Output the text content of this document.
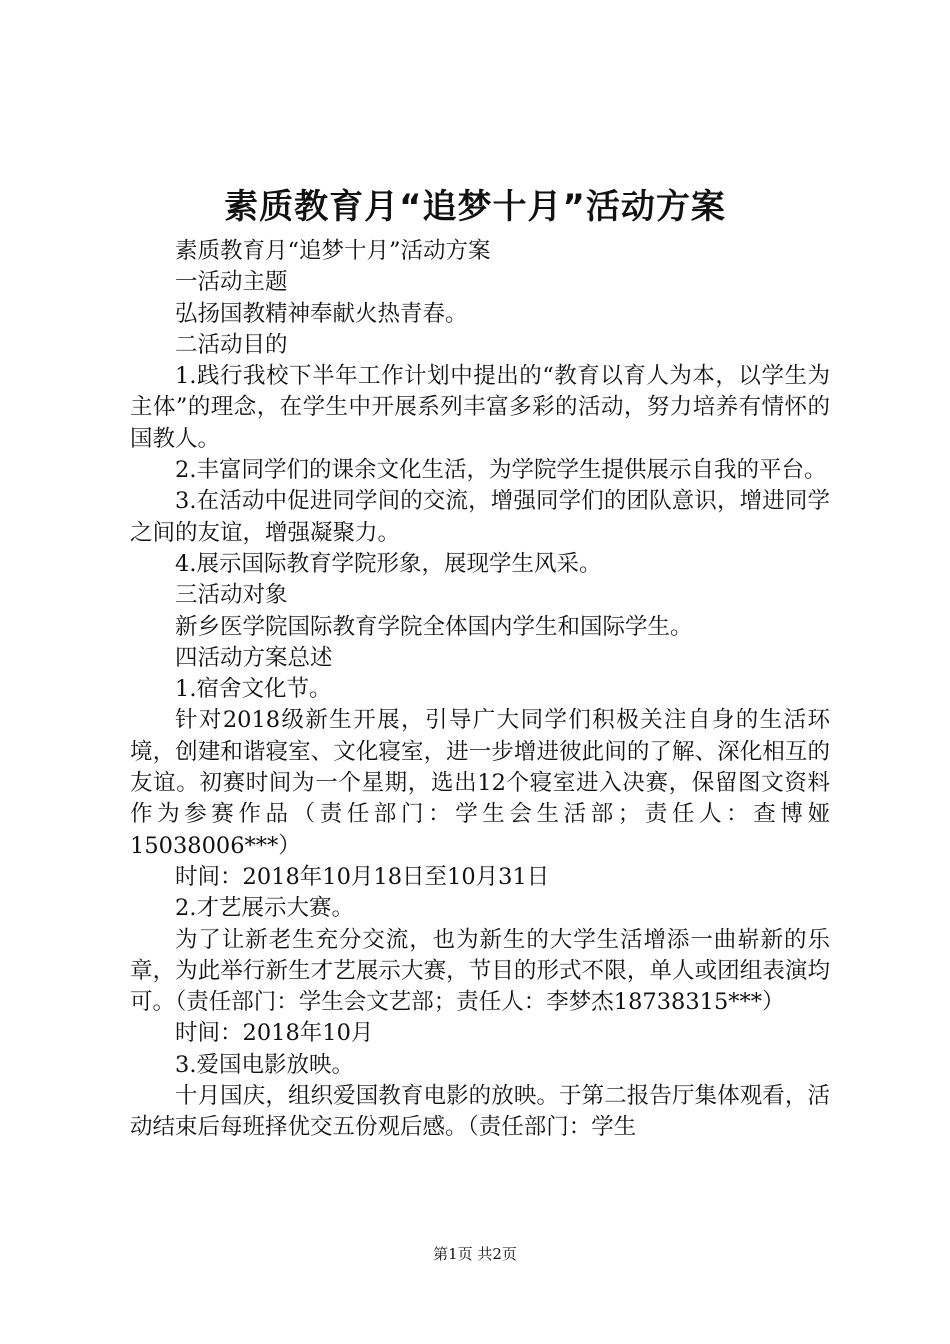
素质教育月“追梦十月”活动方案

素质教育月“追梦十月”活动方案

一活动主题

弘扬国教精神奉献火热青春。

二活动目的

1.践行我校下半年工作计划中提出的“教育以育人为本，以学生为主体”的理念，在学生中开展系列丰富多彩的活动，努力培养有情怀的国教人。

2.丰富同学们的课余文化生活，为学院学生提供展示自我的平台。

3.在活动中促进同学间的交流，增强同学们的团队意识，增进同学之间的友谊，增强凝聚力。

4.展示国际教育学院形象，展现学生风采。

三活动对象

新乡医学院国际教育学院全体国内学生和国际学生。

四活动方案总述

1.宿舍文化节。

针对2018级新生开展，引导广大同学们积极关注自身的生活环境，创建和谐寝室、文化寝室，进一步增进彼此间的了解、深化相互的友谊。初赛时间为一个星期，选出12个寝室进入决赛，保留图文资料作为参赛作品（责任部门：学生会生活部；责任人：查博娅15038006***）

时间：2018年10月18日至10月31日

2.才艺展示大赛。

为了让新老生充分交流，也为新生的大学生活增添一曲崭新的乐章，为此举行新生才艺展示大赛，节目的形式不限，单人或团组表演均可。（责任部门：学生会文艺部；责任人：李梦杰18738315***）

时间：2018年10月

3.爱国电影放映。

十月国庆，组织爱国教育电影的放映。于第二报告厅集体观看，活动结束后每班择优交五份观后感。（责任部门：学生

第1页 共2页
